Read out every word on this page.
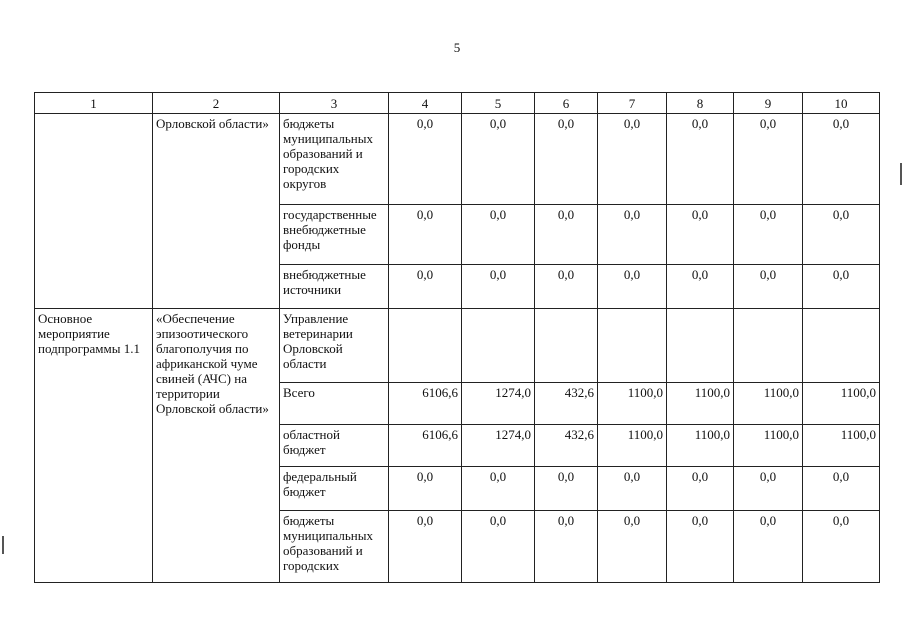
5
1	2	3	4	5	6	7	8	9	10
	Орловской области»	бюджеты муниципальных образований и городских округов	0,0	0,0	0,0	0,0	0,0	0,0	0,0
		государственные внебюджетные фонды	0,0	0,0	0,0	0,0	0,0	0,0	0,0
		внебюджетные источники	0,0	0,0	0,0	0,0	0,0	0,0	0,0
Основное мероприятие подпрограммы 1.1	«Обеспечение эпизоотического благополучия по африканской чуме свиней (АЧС) на территории Орловской области»	Управление ветеринарии Орловской области							
		Всего	6106,6	1274,0	432,6	1100,0	1100,0	1100,0	1100,0
		областной бюджет	6106,6	1274,0	432,6	1100,0	1100,0	1100,0	1100,0
		федеральный бюджет	0,0	0,0	0,0	0,0	0,0	0,0	0,0
		бюджеты муниципальных образований и городских	0,0	0,0	0,0	0,0	0,0	0,0	0,0
